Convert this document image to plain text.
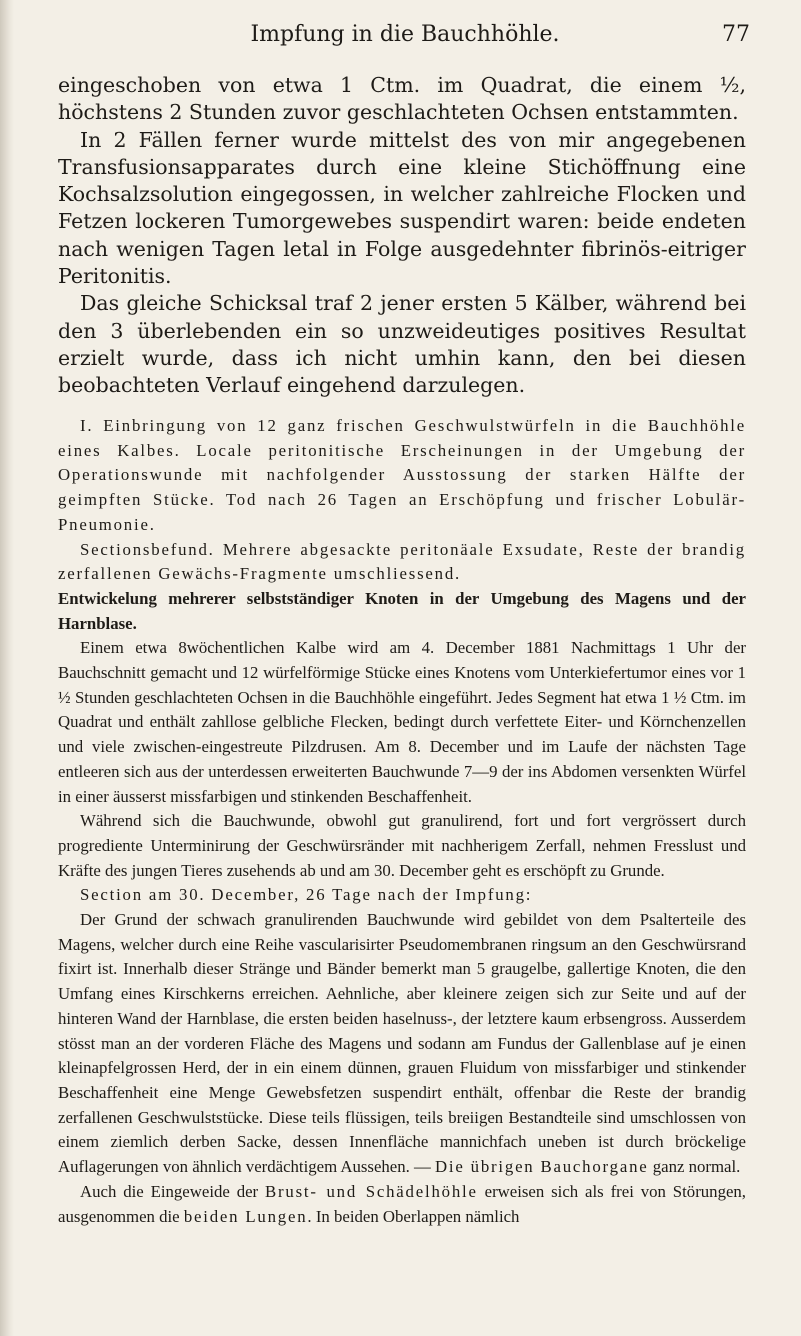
Impfung in die Bauchhöhle.	77

eingeschoben von etwa 1 Ctm. im Quadrat, die einem ½, höchstens 2 Stunden zuvor geschlachteten Ochsen entstammten.

In 2 Fällen ferner wurde mittelst des von mir angegebenen Transfusionsapparates durch eine kleine Stichöffnung eine Kochsalzsolution eingegossen, in welcher zahlreiche Flocken und Fetzen lockeren Tumorgewebes suspendirt waren: beide endeten nach wenigen Tagen letal in Folge ausgedehnter fibrinös-eitriger Peritonitis.

Das gleiche Schicksal traf 2 jener ersten 5 Kälber, während bei den 3 überlebenden ein so unzweideutiges positives Resultat erzielt wurde, dass ich nicht umhin kann, den bei diesen beobachteten Verlauf eingehend darzulegen.

I. Einbringung von 12 ganz frischen Geschwulstwürfeln in die Bauchhöhle eines Kalbes. Locale peritonitische Erscheinungen in der Umgebung der Operationswunde mit nachfolgender Ausstossung der starken Hälfte der geimpften Stücke. Tod nach 26 Tagen an Erschöpfung und frischer Lobulär-Pneumonie.

Sectionsbefund. Mehrere abgesackte peritonäale Exsudate, Reste der brandig zerfallenen Gewächs-Fragmente umschliessend.

Entwickelung mehrerer selbstständiger Knoten in der Umgebung des Magens und der Harnblase.

Einem etwa 8wöchentlichen Kalbe wird am 4. December 1881 Nachmittags 1 Uhr der Bauchschnitt gemacht und 12 würfelförmige Stücke eines Knotens vom Unterkiefertumor eines vor 1 ½ Stunden geschlachteten Ochsen in die Bauchhöhle eingeführt. Jedes Segment hat etwa 1 ½ Ctm. im Quadrat und enthält zahllose gelbliche Flecken, bedingt durch verfettete Eiter- und Körnchenzellen und viele zwischen-eingestreute Pilzdrusen. Am 8. December und im Laufe der nächsten Tage entleeren sich aus der unterdessen erweiterten Bauchwunde 7—9 der ins Abdomen versenkten Würfel in einer äusserst missfarbigen und stinkenden Beschaffenheit.

Während sich die Bauchwunde, obwohl gut granulirend, fort und fort vergrössert durch progrediente Unterminirung der Geschwürsränder mit nachherigem Zerfall, nehmen Fresslust und Kräfte des jungen Tieres zusehends ab und am 30. December geht es erschöpft zu Grunde.

Section am 30. December, 26 Tage nach der Impfung:

Der Grund der schwach granulirenden Bauchwunde wird gebildet von dem Psalterteile des Magens, welcher durch eine Reihe vascularisirter Pseudomembranen ringsum an den Geschwürsrand fixirt ist. Innerhalb dieser Stränge und Bänder bemerkt man 5 graugelbe, gallertige Knoten, die den Umfang eines Kirschkerns erreichen. Aehnliche, aber kleinere zeigen sich zur Seite und auf der hinteren Wand der Harnblase, die ersten beiden haselnuss-, der letztere kaum erbsengross. Ausserdem stösst man an der vorderen Fläche des Magens und sodann am Fundus der Gallenblase auf je einen kleinapfelgrossen Herd, der in ein einem dünnen, grauen Fluidum von missfarbiger und stinkender Beschaffenheit eine Menge Gewebsfetzen suspendirt enthält, offenbar die Reste der brandig zerfallenen Geschwulststücke. Diese teils flüssigen, teils breiigen Bestandteile sind umschlossen von einem ziemlich derben Sacke, dessen Innenfläche mannichfach uneben ist durch bröckelige Auflagerungen von ähnlich verdächtigem Aussehen. — Die übrigen Bauchorgane ganz normal.

Auch die Eingeweide der Brust- und Schädelhöhle erweisen sich als frei von Störungen, ausgenommen die beiden Lungen. In beiden Oberlappen nämlich
